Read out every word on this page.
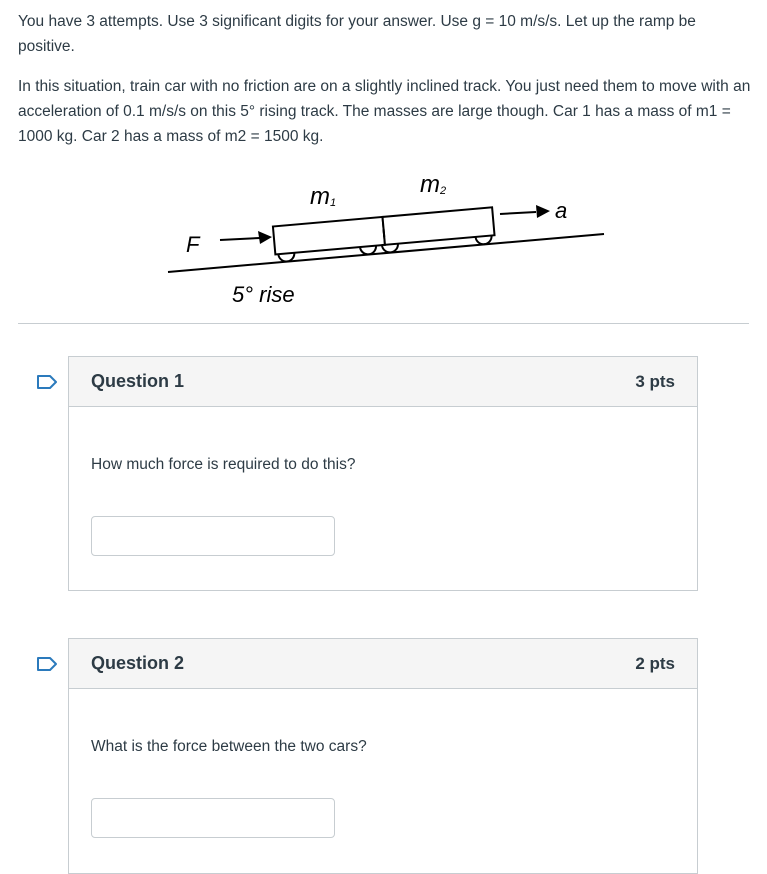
You have 3 attempts. Use 3 significant digits for your answer. Use g = 10 m/s/s. Let up the ramp be positive.

In this situation, train car with no friction are on a slightly inclined track. You just need them to move with an acceleration of 0.1 m/s/s on this 5° rising track. The masses are large though. Car 1 has a mass of m1 = 1000 kg. Car 2 has a mass of m2 = 1500 kg.

m1
m2
a
F
5° rise
Question 1	3 pts
How much force is required to do this?
Question 2	2 pts
What is the force between the two cars?
